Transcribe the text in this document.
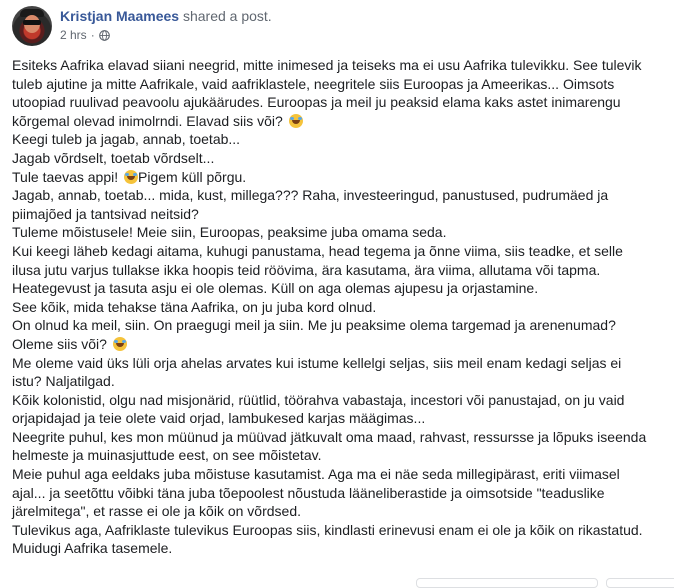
Kristjan Maamees shared a post.
2 hrs ·

Esiteks Aafrika elavad siiani neegrid, mitte inimesed ja teiseks ma ei usu Aafrika tulevikku. See tulevik tuleb ajutine ja mitte Aafrikale, vaid aafriklastele, neegritele siis Euroopas ja Ameerikas... Oimsots utoopiad ruulivad peavoolu ajukäärudes. Euroopas ja meil ju peaksid elama kaks astet inimarengu kõrgemal olevad inimolrndi. Elavad siis või?

Keegi tuleb ja jagab, annab, toetab...

Jagab võrdselt, toetab võrdselt...

Tule taevas appi! Pigem küll põrgu.

Jagab, annab, toetab... mida, kust, millega??? Raha, investeeringud, panustused, pudrumäed ja piimajõed ja tantsivad neitsid?

Tuleme mõistusele! Meie siin, Euroopas, peaksime juba omama seda.

Kui keegi läheb kedagi aitama, kuhugi panustama, head tegema ja õnne viima, siis teadke, et selle ilusa jutu varjus tullakse ikka hoopis teid röövima, ära kasutama, ära viima, allutama või tapma.

Heategevust ja tasuta asju ei ole olemas. Küll on aga olemas ajupesu ja orjastamine.

See kõik, mida tehakse täna Aafrika, on ju juba kord olnud.

On olnud ka meil, siin. On praegugi meil ja siin. Me ju peaksime olema targemad ja arenenumad? Oleme siis või?

Me oleme vaid üks lüli orja ahelas arvates kui istume kellelgi seljas, siis meil enam kedagi seljas ei istu? Naljatilgad.

Kõik kolonistid, olgu nad misjonärid, rüütlid, töörahva vabastaja, incestori või panustajad, on ju vaid orjapidajad ja teie olete vaid orjad, lambukesed karjas määgimas...

Neegrite puhul, kes mon müünud ja müüvad jätkuvalt oma maad, rahvast, ressursse ja lõpuks iseenda helmeste ja muinasjuttude eest, on see mõistetav.

Meie puhul aga eeldaks juba mõistuse kasutamist. Aga ma ei näe seda millegipärast, eriti viimasel ajal... ja seetõttu võibki täna juba tõepoolest nõustuda lääneliberastide ja oimsotside "teaduslike järelmitega", et rasse ei ole ja kõik on võrdsed.

Tulevikus aga, Aafriklaste tulevikus Euroopas siis, kindlasti erinevusi enam ei ole ja kõik on rikastatud.

Muidugi Aafrika tasemele.
